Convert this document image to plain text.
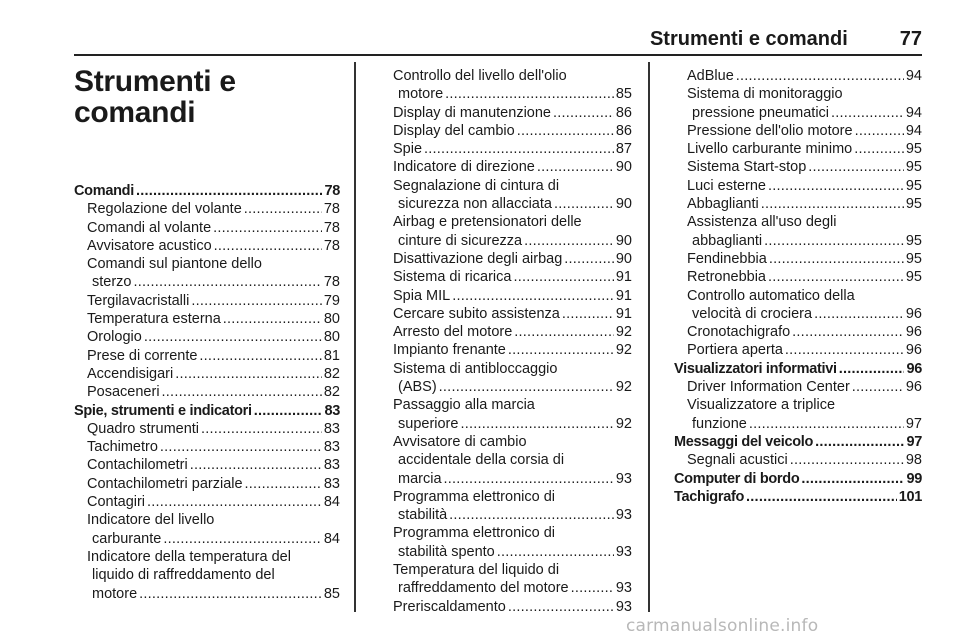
Strumenti e comandi	77
Strumenti e
comandi
Comandi . . .	78
Regolazione del volante . . .	78
Comandi al volante . . .	78
Avvisatore acustico . . .	78
Comandi sul piantone dello
sterzo . . .	78
Tergilavacristalli . . .	79
Temperatura esterna . . .	80
Orologio . . .	80
Prese di corrente . . .	81
Accendisigari . . .	82
Posaceneri . . .	82
Spie, strumenti e indicatori . . .	83
Quadro strumenti . . .	83
Tachimetro . . .	83
Contachilometri . . .	83
Contachilometri parziale . . .	83
Contagiri . . .	84
Indicatore del livello
carburante . . .	84
Indicatore della temperatura del
liquido di raffreddamento del
motore . . .	85
Controllo del livello dell'olio
motore . . .	85
Display di manutenzione . . .	86
Display del cambio . . .	86
Spie . . .	87
Indicatore di direzione . . .	90
Segnalazione di cintura di
sicurezza non allacciata . . .	90
Airbag e pretensionatori delle
cinture di sicurezza . . .	90
Disattivazione degli airbag . . .	90
Sistema di ricarica . . .	91
Spia MIL . . .	91
Cercare subito assistenza . . .	91
Arresto del motore . . .	92
Impianto frenante . . .	92
Sistema di antibloccaggio
(ABS) . . .	92
Passaggio alla marcia
superiore . . .	92
Avvisatore di cambio
accidentale della corsia di
marcia . . .	93
Programma elettronico di
stabilità . . .	93
Programma elettronico di
stabilità spento . . .	93
Temperatura del liquido di
raffreddamento del motore . . .	93
Preriscaldamento . . .	93
AdBlue . . .	94
Sistema di monitoraggio
pressione pneumatici . . .	94
Pressione dell'olio motore . . .	94
Livello carburante minimo . . .	95
Sistema Start-stop . . .	95
Luci esterne . . .	95
Abbaglianti . . .	95
Assistenza all'uso degli
abbaglianti . . .	95
Fendinebbia . . .	95
Retronebbia . . .	95
Controllo automatico della
velocità di crociera . . .	96
Cronotachigrafo . . .	96
Portiera aperta . . .	96
Visualizzatori informativi . . .	96
Driver Information Center . . .	96
Visualizzatore a triplice
funzione . . .	97
Messaggi del veicolo . . .	97
Segnali acustici . . .	98
Computer di bordo . . .	99
Tachigrafo . . .	101
carmanualsonline.info
